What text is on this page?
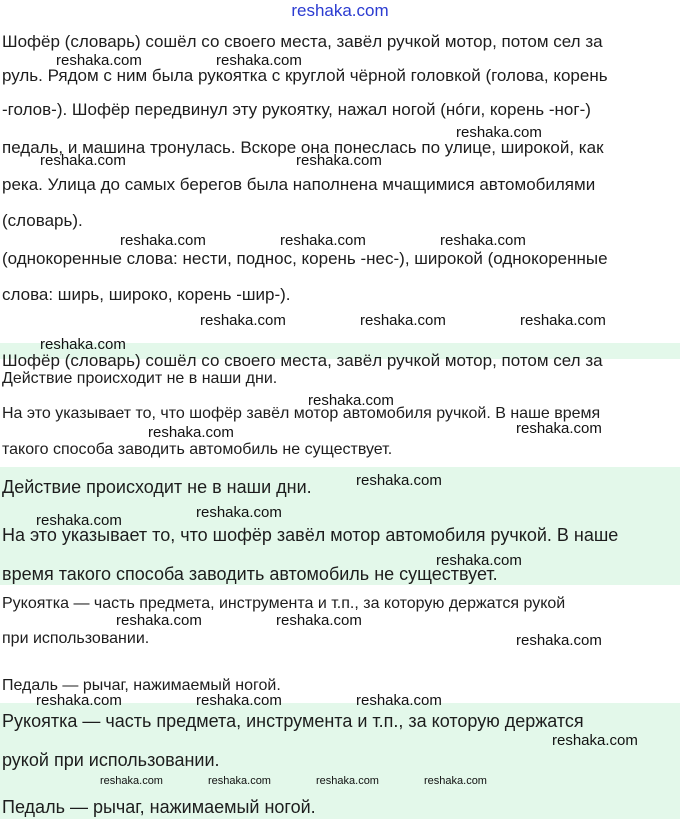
reshaka.com

Шофёр (словарь) сошёл со своего места, завёл ручкой мотор, потом сел за

руль. Рядом с ним была рукоятка с круглой чёрной головкой (голова, корень

-голов-). Шофёр передвинул эту рукоятку, нажал ногой (нóги, корень -ног-)

педаль, и машина тронулась. Вскоре она понеслась по улице, широкой, как

река. Улица до самых берегов была наполнена мчащимися автомобилями

(словарь).

(однокоренные слова: нести, поднос, корень -нес-), широкой (однокоренные

слова: ширь, широко, корень -шир-).

Шофёр (словарь) сошёл со своего места, завёл ручкой мотор, потом сел за

Действие происходит не в наши дни.

На это указывает то, что шофёр завёл мотор автомобиля ручкой. В наше время

такого способа заводить автомобиль не существует.

Действие происходит не в наши дни.

На это указывает то, что шофёр завёл мотор автомобиля ручкой. В наше

время такого способа заводить автомобиль не существует.

Рукоятка — часть предмета, инструмента и т.п., за которую держатся рукой

при использовании.

Педаль — рычаг, нажимаемый ногой.

Рукоятка — часть предмета, инструмента и т.п., за которую держатся

рукой при использовании.

Педаль — рычаг, нажимаемый ногой.

reshaka.com	reshaka.com
reshaka.com
reshaka.com	reshaka.com
reshaka.com	reshaka.com	reshaka.com
reshaka.com	reshaka.com	reshaka.com
reshaka.com
reshaka.com
reshaka.com	reshaka.com
reshaka.com
reshaka.com
reshaka.com
reshaka.com
reshaka.com	reshaka.com
reshaka.com
reshaka.com	reshaka.com	reshaka.com
reshaka.com
reshaka.com	reshaka.com	reshaka.com	reshaka.com
